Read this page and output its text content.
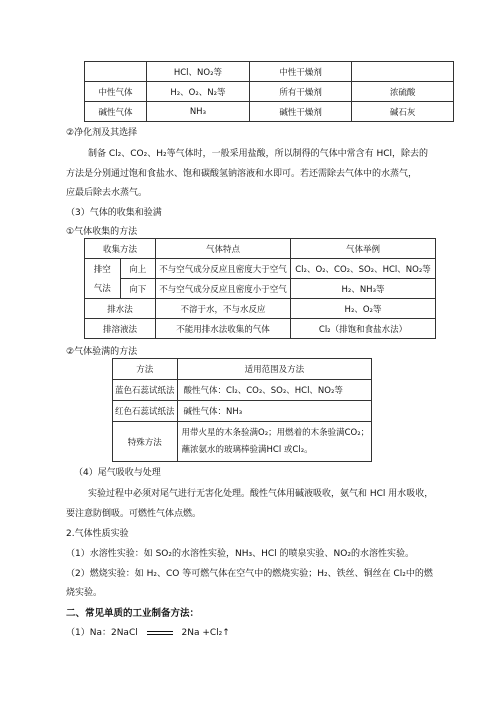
	HCl、NO₂等	中性干燥剂	
中性气体	H₂、O₂、N₂等	所有干燥剂	浓硫酸
碱性气体	NH₃	碱性干燥剂	碱石灰
②净化剂及其选择
制备 Cl₂、CO₂、H₂等气体时，一般采用盐酸，所以制得的气体中常含有 HCl，除去的
方法是分别通过饱和食盐水、饱和碳酸氢钠溶液和水即可。若还需除去气体中的水蒸气，
应最后除去水蒸气。
（3）气体的收集和验满
①气体收集的方法
收集方法		气体特点	气体举例
排空	向上	不与空气成分反应且密度大于空气	Cl₂、O₂、CO₂、SO₂、HCl、NO₂等
气法	向下	不与空气成分反应且密度小于空气	H₂、NH₃等
排水法		不溶于水，不与水反应	H₂、O₂等
排溶液法		不能用排水法收集的气体	Cl₂（排饱和食盐水法）
②气体验满的方法
方法	适用范围及方法
蓝色石蕊试纸法	酸性气体：Cl₂、CO₂、SO₂、HCl、NO₂等
红色石蕊试纸法	碱性气体：NH₃
特殊方法	用带火星的木条验满O₂；用燃着的木条验满CO₂；
蘸浓氨水的玻璃棒验满HCl 或Cl₂。
（4）尾气吸收与处理
实验过程中必须对尾气进行无害化处理。酸性气体用碱液吸收，氨气和 HCl 用水吸收，
要注意防倒吸。可燃性气体点燃。
2.气体性质实验
（1）水溶性实验：如 SO₂的水溶性实验，NH₃、HCl 的喷泉实验、NO₂的水溶性实验。
（2）燃烧实验：如 H₂、CO 等可燃气体在空气中的燃烧实验；H₂、铁丝、铜丝在 Cl₂中的燃
烧实验。
二、常见单质的工业制备方法：
（1）Na：2NaCl	2Na +Cl₂↑
